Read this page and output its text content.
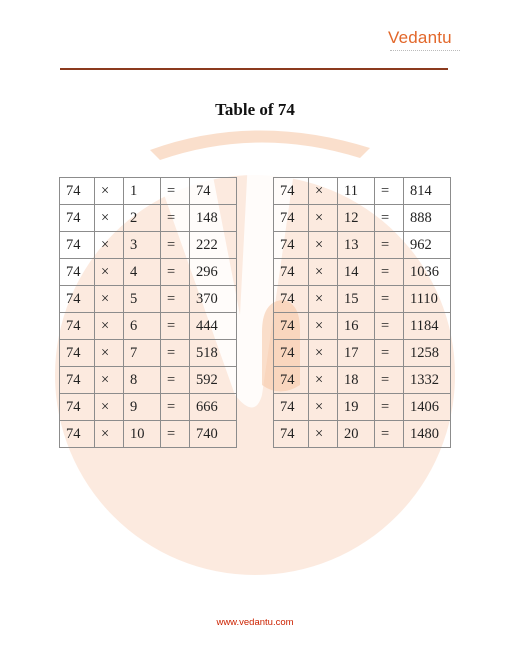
Vedantu
Table of 74
74	×	1	=	74
74	×	2	=	148
74	×	3	=	222
74	×	4	=	296
74	×	5	=	370
74	×	6	=	444
74	×	7	=	518
74	×	8	=	592
74	×	9	=	666
74	×	10	=	740
74	×	11	=	814
74	×	12	=	888
74	×	13	=	962
74	×	14	=	1036
74	×	15	=	1110
74	×	16	=	1184
74	×	17	=	1258
74	×	18	=	1332
74	×	19	=	1406
74	×	20	=	1480
www.vedantu.com
